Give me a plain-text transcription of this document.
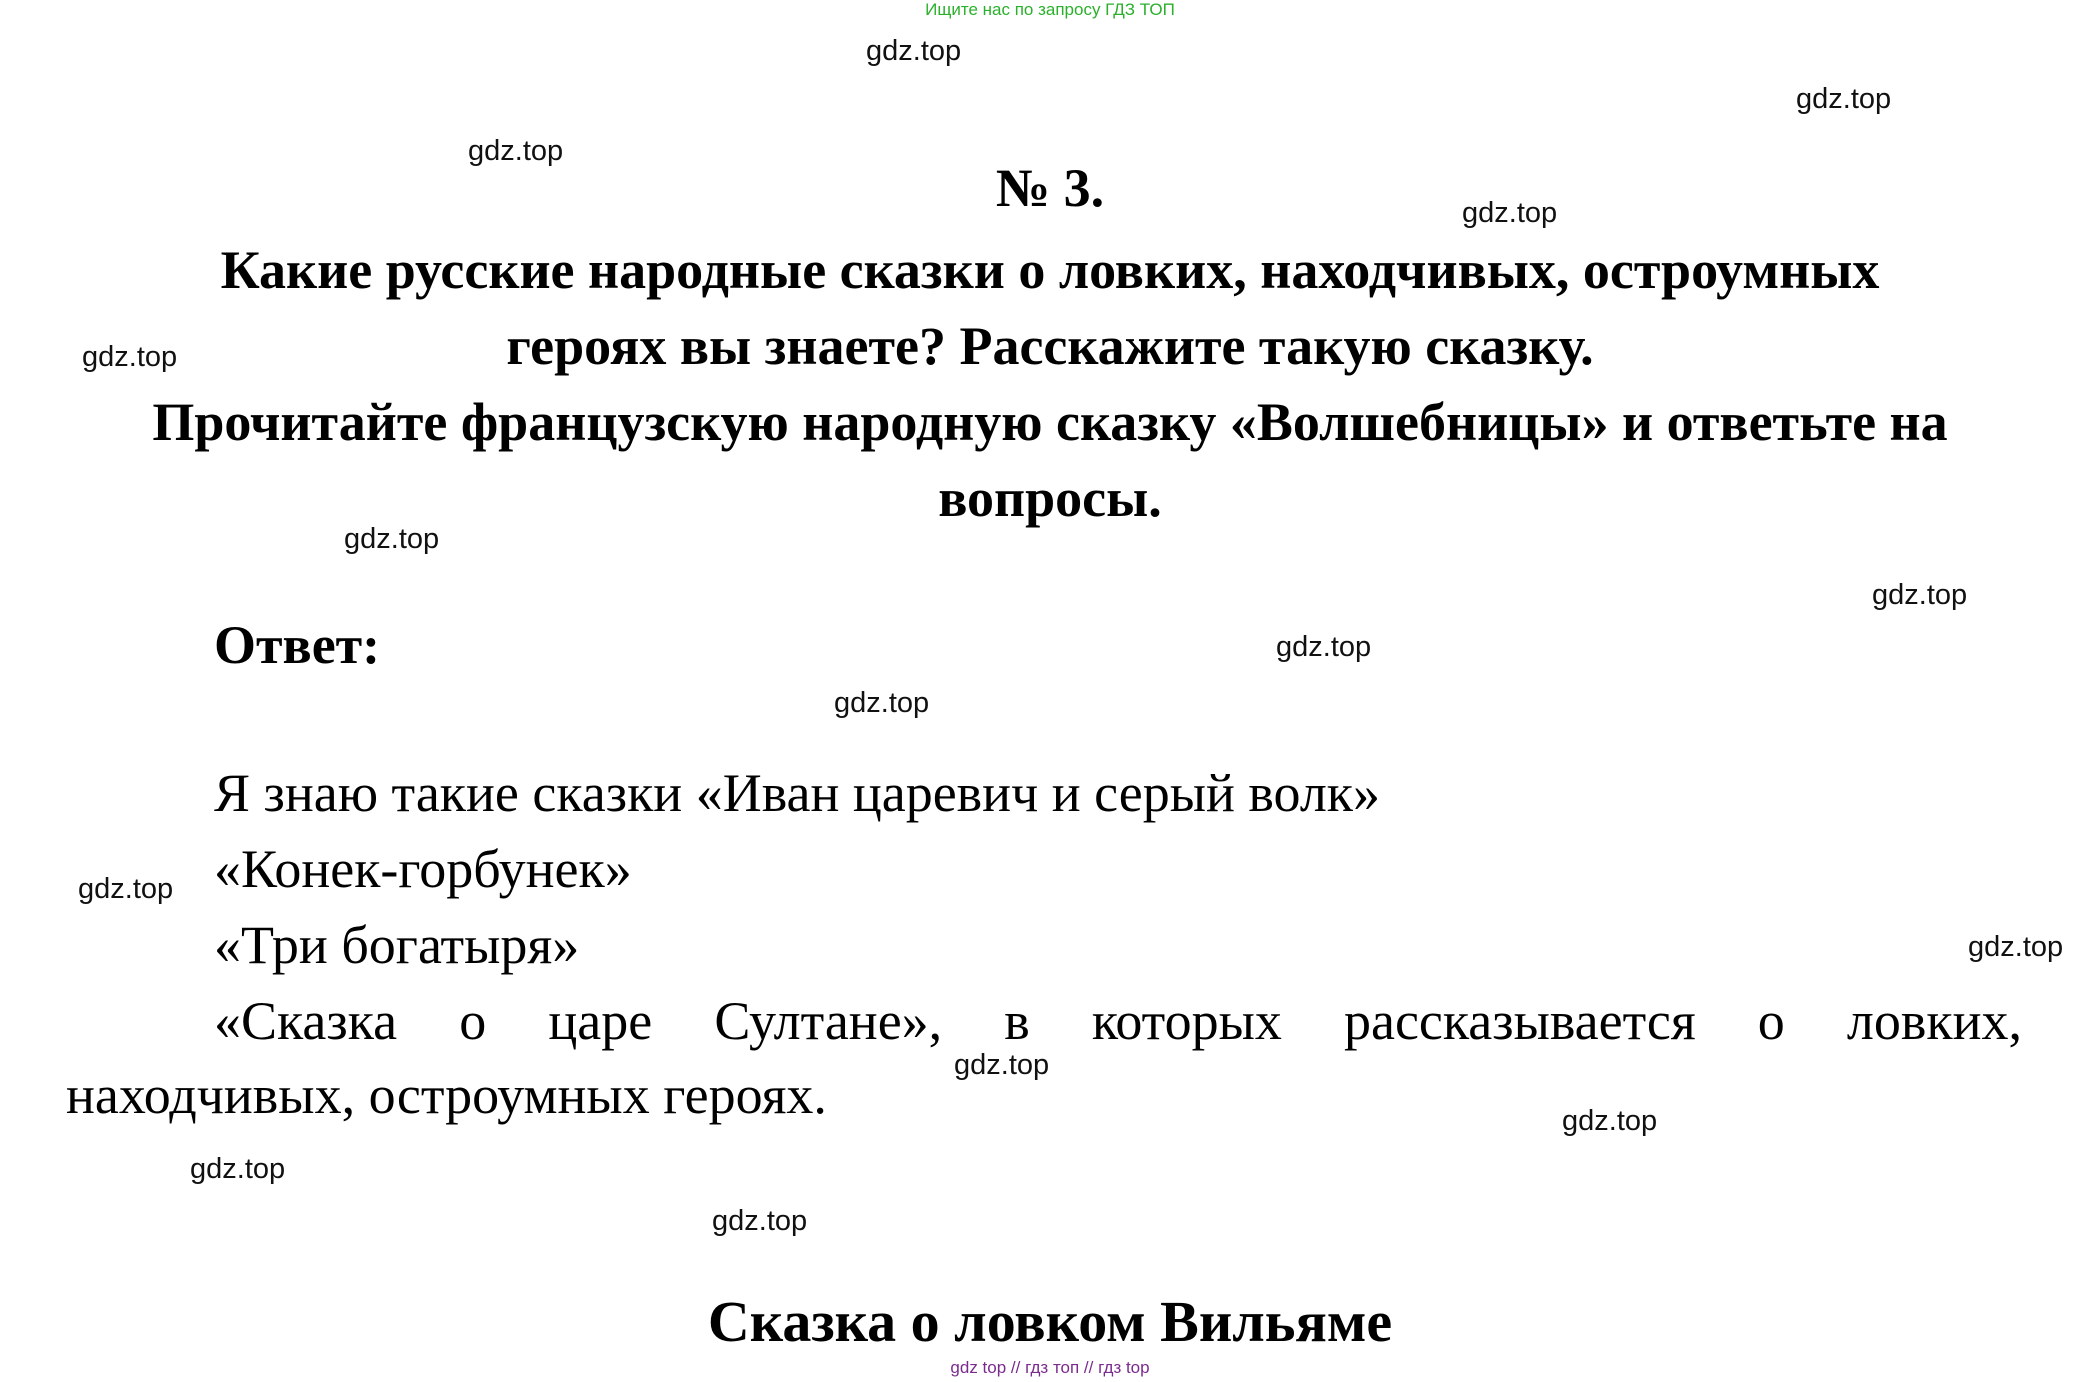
Ищите нас по запросу ГДЗ ТОП
gdz.top
gdz.top
gdz.top
gdz.top
gdz.top
gdz.top
gdz.top
gdz.top
gdz.top
gdz.top
gdz.top
gdz.top
gdz.top
gdz.top
gdz.top
№ 3.
Какие русские народные сказки о ловких, находчивых, остроумных
героях вы знаете? Расскажите такую сказку.
Прочитайте французскую народную сказку «Волшебницы» и ответьте на
вопросы.
Ответ:
Я знаю такие сказки «Иван царевич и серый волк»
«Конек-горбунек»
«Три богатыря»
«Сказка о царе Султане», в которых рассказывается о ловких,
находчивых, остроумных героях.
Сказка о ловком Вильяме
gdz top // гдз топ // гдз top
